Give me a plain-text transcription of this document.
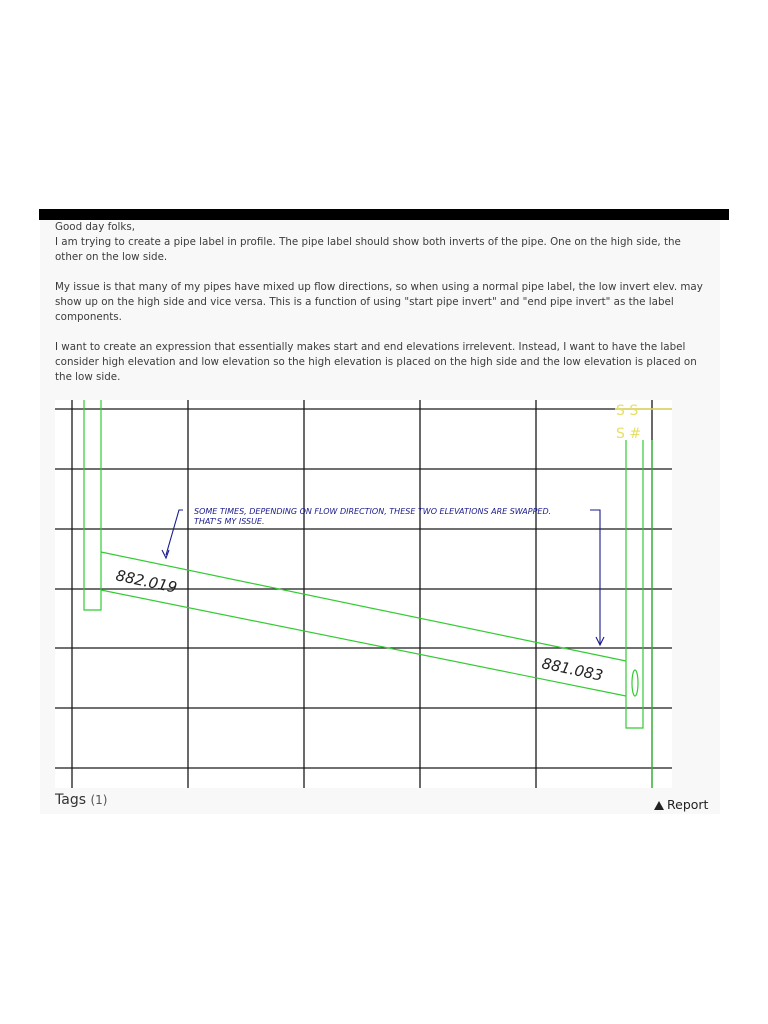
Good day folks,

I am trying to create a pipe label in profile. The pipe label should show both inverts of the pipe. One on the high side, the other on the low side.

My issue is that many of my pipes have mixed up flow directions, so when using a normal pipe label, the low invert elev. may show up on the high side and vice versa. This is a function of using "start pipe invert" and "end pipe invert" as the label components.

I want to create an expression that essentially makes start and end elevations irrelevent. Instead, I want to have the label consider high elevation and low elevation so the high elevation is placed on the high side and the low elevation is placed on the low side.

S S
S #
SOME TIMES, DEPENDING ON FLOW DIRECTION, THESE TWO ELEVATIONS ARE SWAPPED.
THAT'S MY ISSUE.
882.019
881.083
Tags (1)	Report
